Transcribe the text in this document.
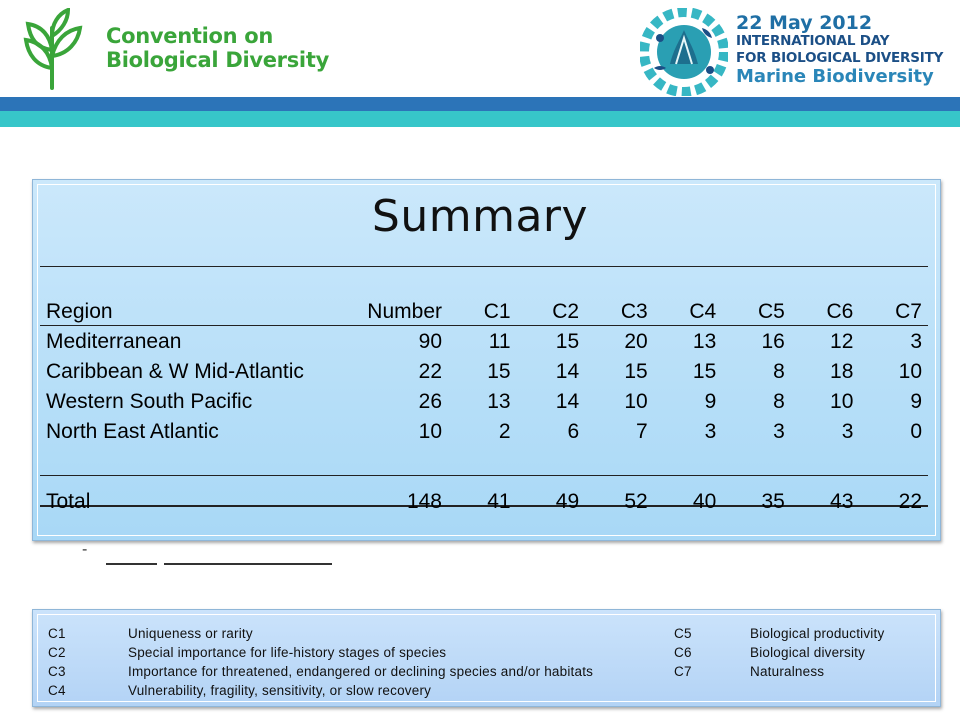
Convention on
Biological Diversity
22 May 2012
INTERNATIONAL DAY
FOR BIOLOGICAL DIVERSITY
Marine Biodiversity
Summary
Region	Number	C1	C2	C3	C4	C5	C6	C7
Mediterranean	90	11	15	20	13	16	12	3
Caribbean & W Mid-Atlantic	22	15	14	15	15	8	18	10
Western South Pacific	26	13	14	10	9	8	10	9
North East Atlantic	10	2	6	7	3	3	3	0

Total	148	41	49	52	40	35	43	22
-
C1	Uniqueness or rarity	C5	Biological productivity
C2	Special importance for life-history stages of species	C6	Biological diversity
C3	Importance for threatened, endangered or declining species and/or habitats	C7	Naturalness
C4	Vulnerability, fragility, sensitivity, or slow recovery		
